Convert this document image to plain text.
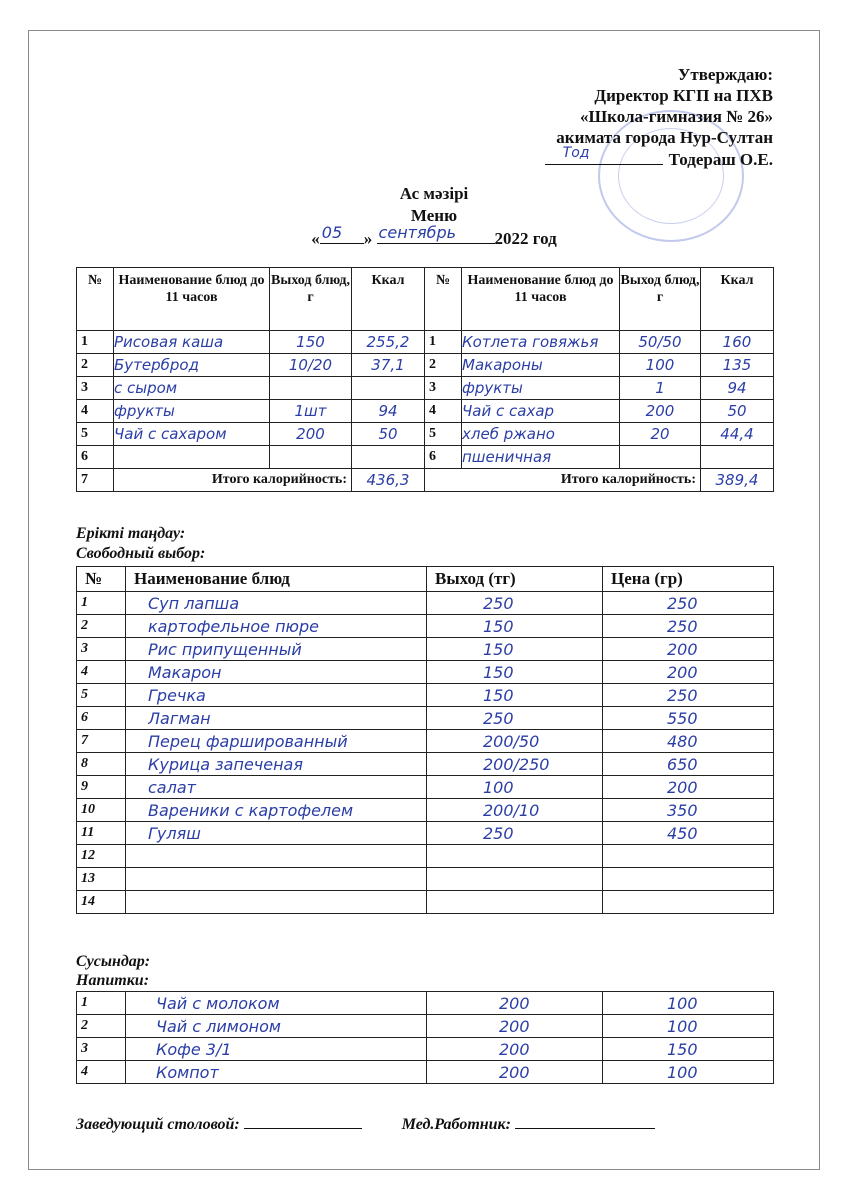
Утверждаю:
Директор КГП на ПХВ
«Школа-гимназия № 26»
акимата города Нур-Султан
Тод	Тодераш О.Е.
Ас мәзірі
Меню
« 05 » сентябрь 2022 год
№	Наименование блюд до 11 часов	Выход блюд, г	Ккал	№	Наименование блюд до 11 часов	Выход блюд, г	Ккал
1	Рисовая каша	150	255,2	1	Котлета говяжья	50/50	160

2	Бутерброд	10/20	37,1	2	Макароны	100	135

3	с сыром			3	фрукты	1	94

4	фрукты	1шт	94	4	Чай с сахар	200	50

5	Чай с сахаром	200	50	5	хлеб ржано	20	44,4

6				6	пшеничная		

7	Итого калорийность:		436,3	Итого калорийность:			389,4
Ерікті таңдау:
Свободный выбор:
№	Наименование блюд	Выход (тг)	Цена (гр)
1	Суп лапша	250	250

2	картофельное пюре	150	250

3	Рис припущенный	150	200

4	Макарон	150	200

5	Гречка	150	250

6	Лагман	250	550

7	Перец фаршированный	200/50	480

8	Курица запеченая	200/250	650

9	салат	100	200

10	Вареники с картофелем	200/10	350

11	Гуляш	250	450

12	

13	

14	

Сусындар:
Напитки:
1	Чай с молоком	200	100

2	Чай с лимоном	200	100

3	Кофе 3/1	200	150

4	Компот	200	100
Заведующий столовой:	Мед.Работник:
